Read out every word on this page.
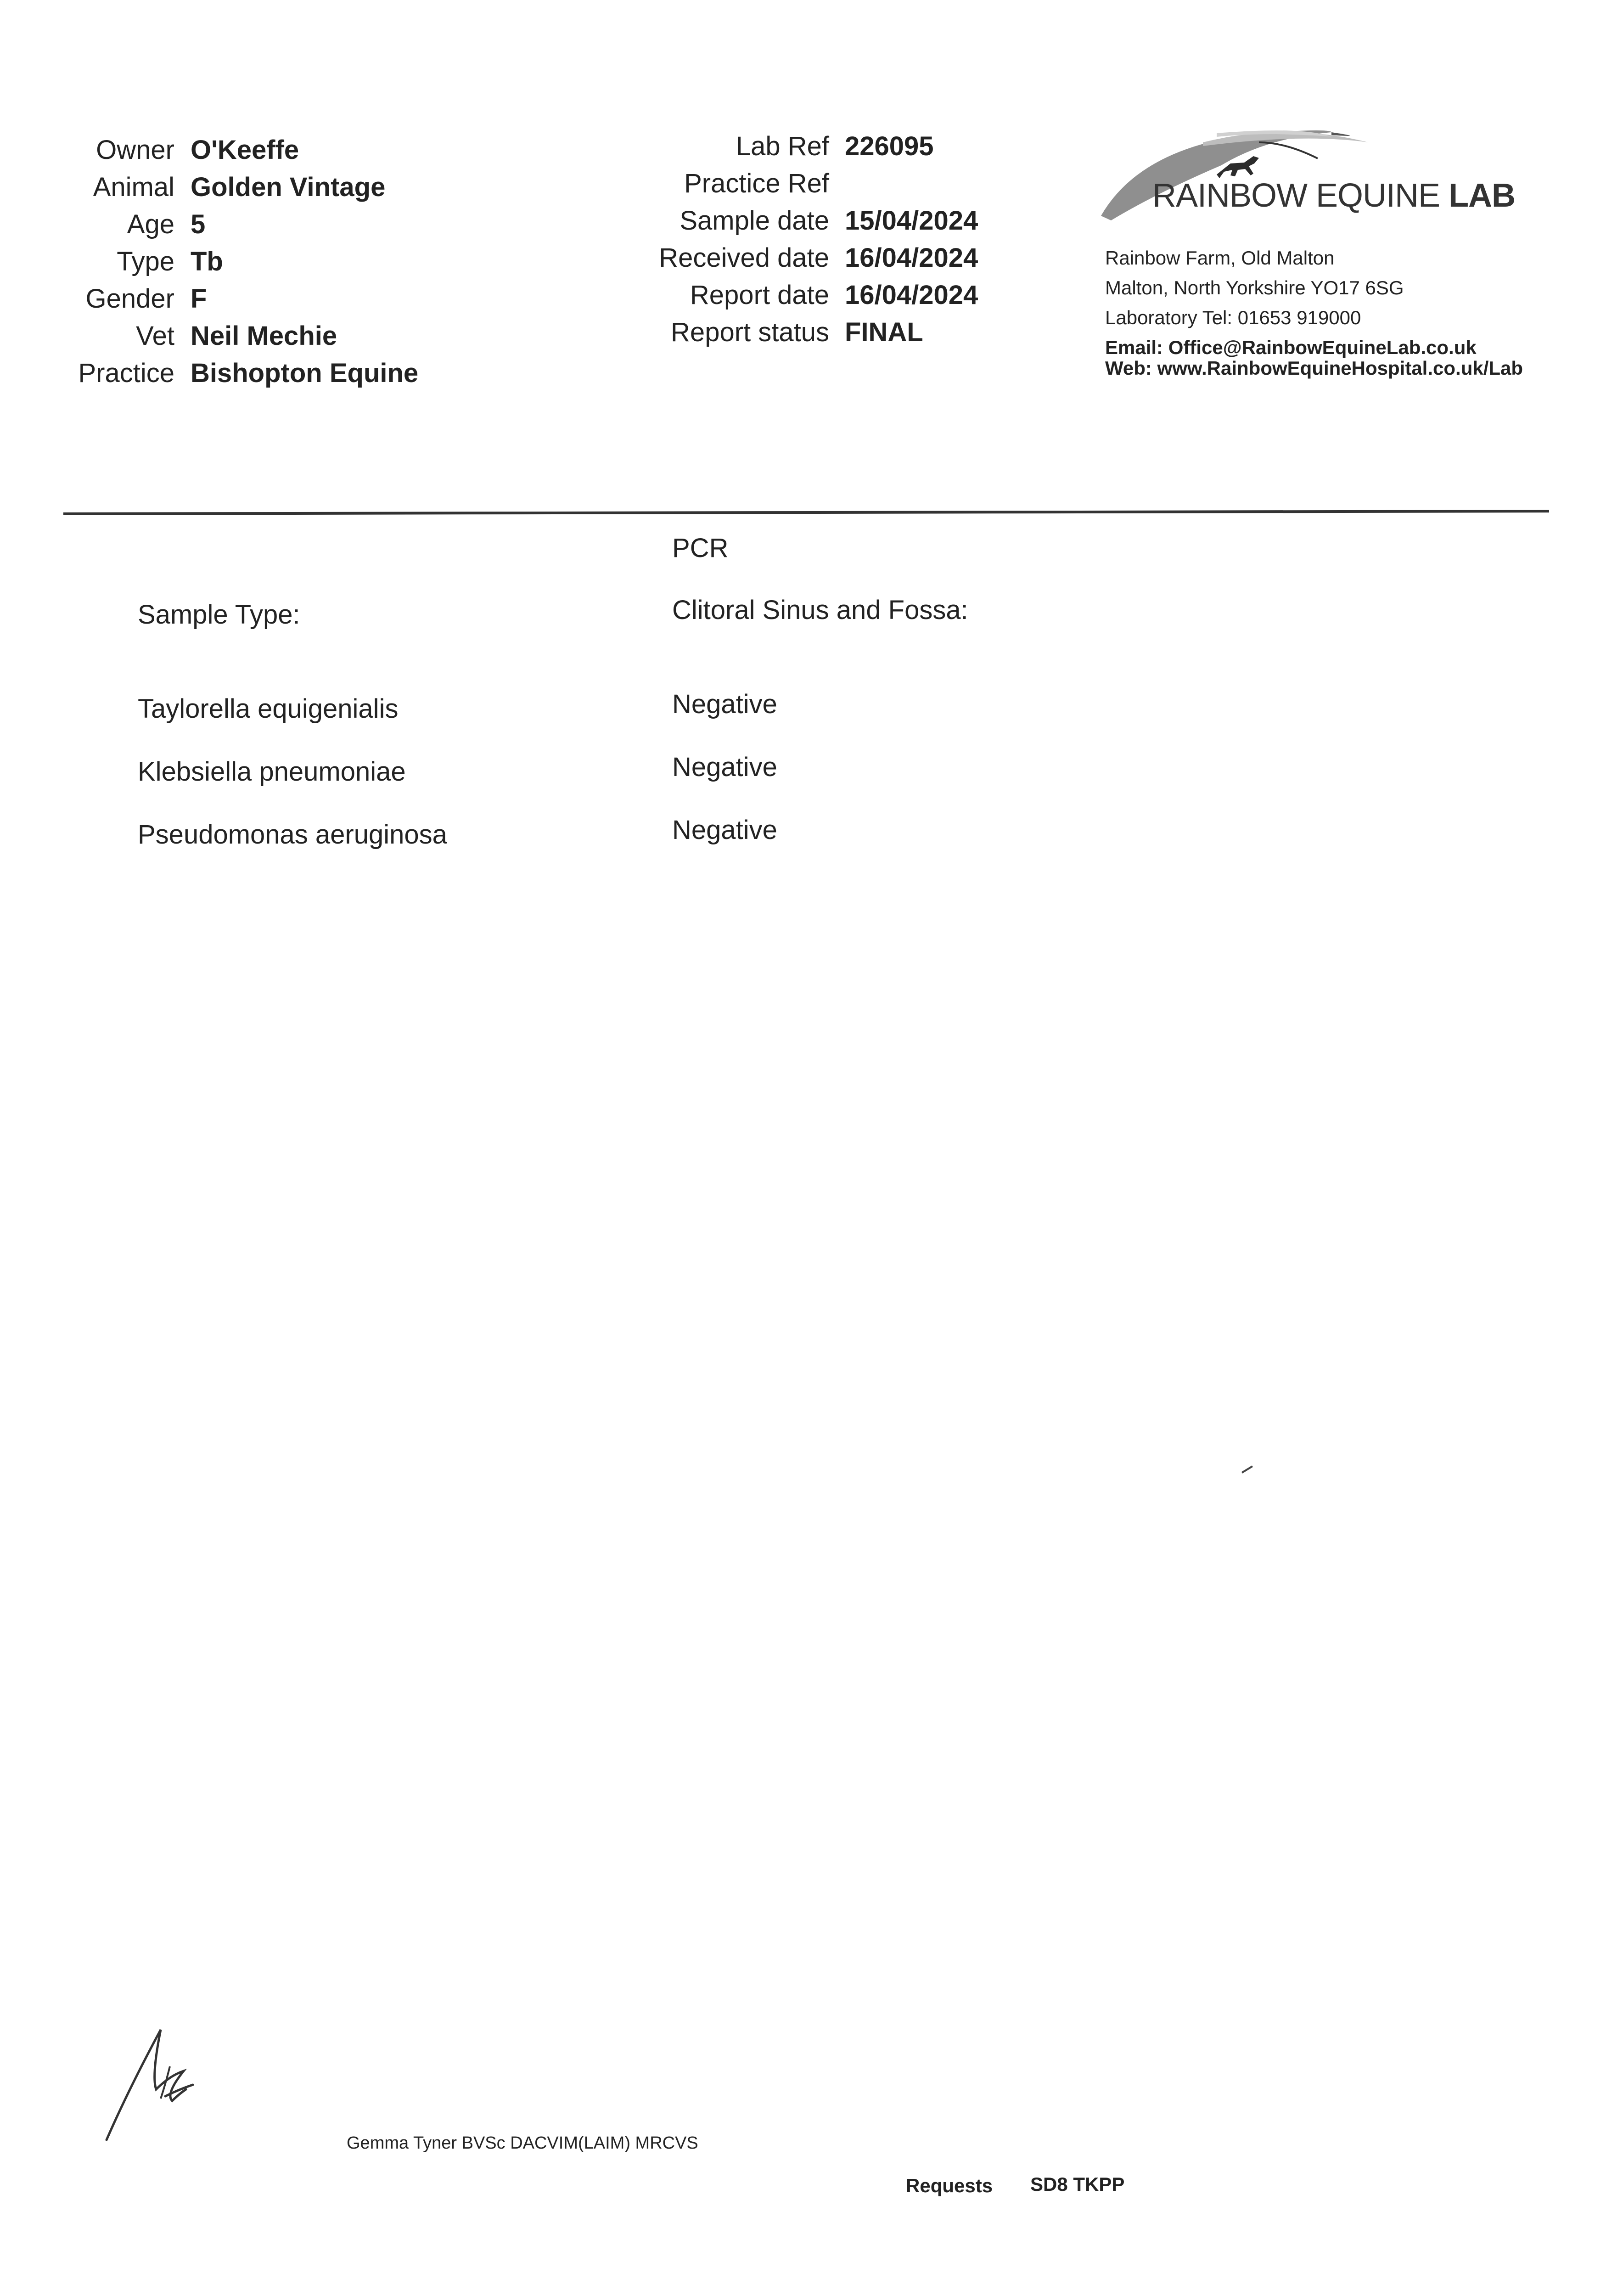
Owner O'Keeffe
Animal Golden Vintage
Age 5
Type Tb
Gender F
Vet Neil Mechie
Practice Bishopton Equine
Lab Ref 226095
Practice Ref
Sample date 15/04/2024
Received date 16/04/2024
Report date 16/04/2024
Report status FINAL
RAINBOW EQUINE LAB
Rainbow Farm, Old Malton
Malton, North Yorkshire YO17 6SG
Laboratory Tel: 01653 919000
Email: Office@RainbowEquineLab.co.uk
Web: www.RainbowEquineHospital.co.uk/Lab
PCR
Sample Type:	Clitoral Sinus and Fossa:
Taylorella equigenialis	Negative
Klebsiella pneumoniae	Negative
Pseudomonas aeruginosa	Negative
Gemma Tyner BVSc DACVIM(LAIM) MRCVS
Requests SD8 TKPP
